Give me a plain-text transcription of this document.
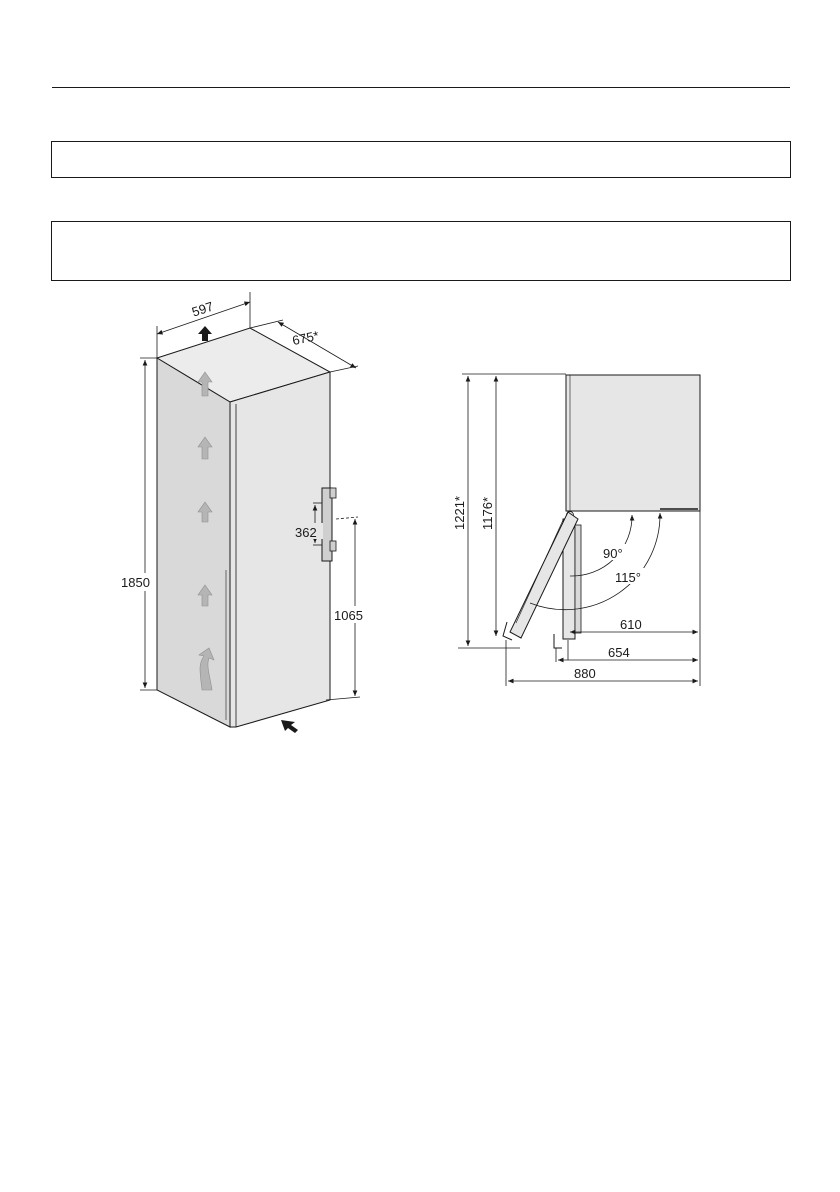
597
675*
1850
362
1065
1221* 1176*
90°
115°
610
654
880
